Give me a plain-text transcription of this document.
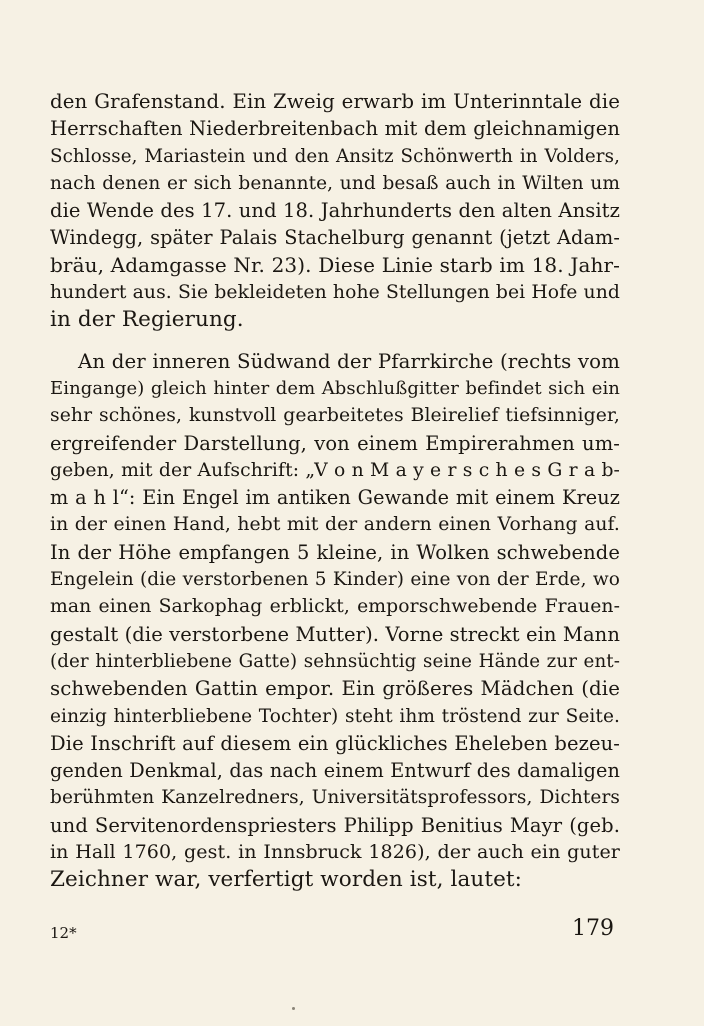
den Grafenstand. Ein Zweig erwarb im Unterinntale die
Herrschaften Niederbreitenbach mit dem gleichnamigen
Schlosse, Mariastein und den Ansitz Schönwerth in Volders,
nach denen er sich benannte, und besaß auch in Wilten um
die Wende des 17. und 18. Jahrhunderts den alten Ansitz
Windegg, später Palais Stachelburg genannt (jetzt Adam-
bräu, Adamgasse Nr. 23). Diese Linie starb im 18. Jahr-
hundert aus. Sie bekleideten hohe Stellungen bei Hofe und
in der Regierung.

An der inneren Südwand der Pfarrkirche (rechts vom
Eingange) gleich hinter dem Abschlußgitter befindet sich ein
sehr schönes, kunstvoll gearbeitetes Bleirelief tiefsinniger,
ergreifender Darstellung, von einem Empirerahmen um-
geben, mit der Aufschrift: „V o n M a y e r s c h e s G r a b-
m a h l“: Ein Engel im antiken Gewande mit einem Kreuz
in der einen Hand, hebt mit der andern einen Vorhang auf.
In der Höhe empfangen 5 kleine, in Wolken schwebende
Engelein (die verstorbenen 5 Kinder) eine von der Erde, wo
man einen Sarkophag erblickt, emporschwebende Frauen-
gestalt (die verstorbene Mutter). Vorne streckt ein Mann
(der hinterbliebene Gatte) sehnsüchtig seine Hände zur ent-
schwebenden Gattin empor. Ein größeres Mädchen (die
einzig hinterbliebene Tochter) steht ihm tröstend zur Seite.
Die Inschrift auf diesem ein glückliches Eheleben bezeu-
genden Denkmal, das nach einem Entwurf des damaligen
berühmten Kanzelredners, Universitätsprofessors, Dichters
und Servitenordenspriesters Philipp Benitius Mayr (geb.
in Hall 1760, gest. in Innsbruck 1826), der auch ein guter
Zeichner war, verfertigt worden ist, lautet:

12*	179
